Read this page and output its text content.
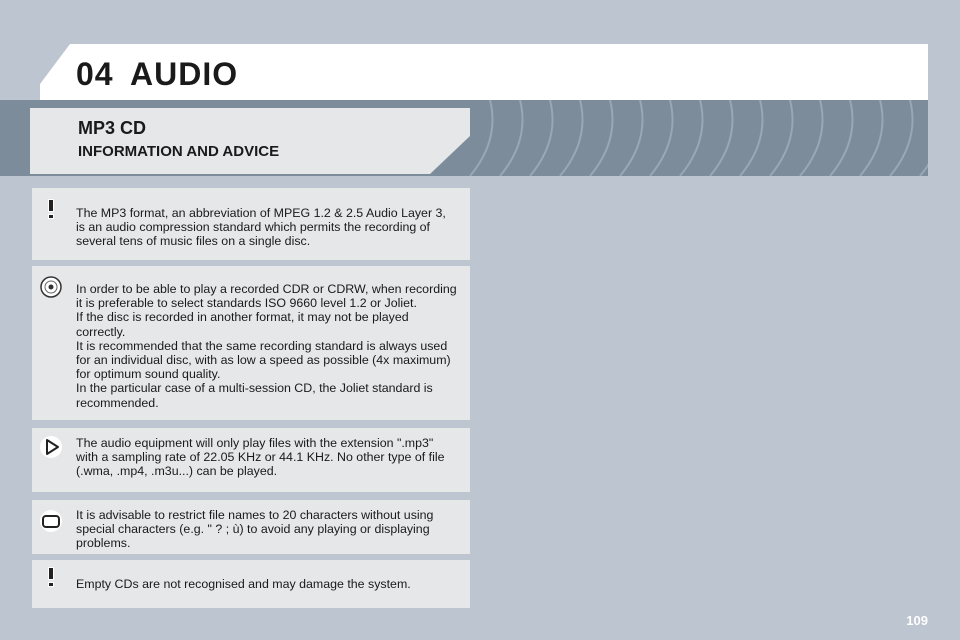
04 AUDIO
MP3 CD
INFORMATION AND ADVICE
The MP3 format, an abbreviation of MPEG 1.2 & 2.5 Audio Layer 3,
is an audio compression standard which permits the recording of
several tens of music files on a single disc.
In order to be able to play a recorded CDR or CDRW, when recording
it is preferable to select standards ISO 9660 level 1.2 or Joliet.
If the disc is recorded in another format, it may not be played
correctly.
It is recommended that the same recording standard is always used
for an individual disc, with as low a speed as possible (4x maximum)
for optimum sound quality.
In the particular case of a multi-session CD, the Joliet standard is
recommended.
The audio equipment will only play files with the extension ".mp3"
with a sampling rate of 22.05 KHz or 44.1 KHz. No other type of file
(.wma, .mp4, .m3u...) can be played.
It is advisable to restrict file names to 20 characters without using
special characters (e.g. " ? ; ù) to avoid any playing or displaying
problems.
Empty CDs are not recognised and may damage the system.
109
